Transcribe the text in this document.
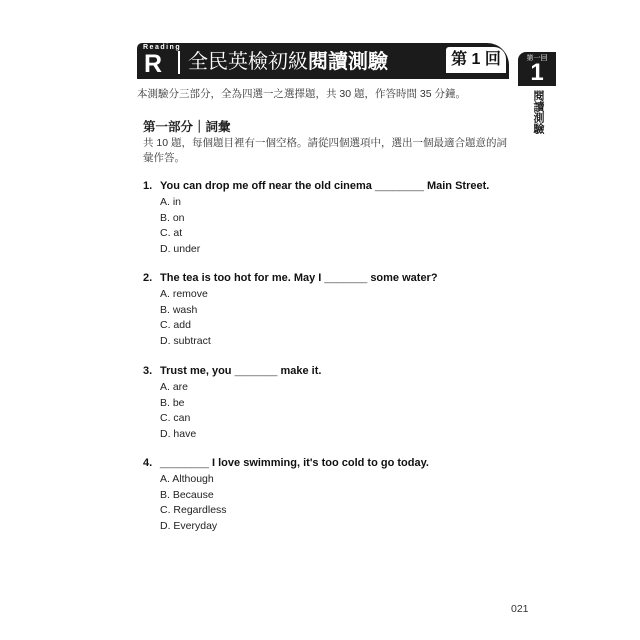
Reading
R 全民英檢初級閱讀測驗	第 1 回	第一回
1
閱讀測驗
本測驗分三部分，全為四選一之選擇題，共 30 題，作答時間 35 分鐘。
第一部分｜詞彙
共 10 題，每個題目裡有一個空格。請從四個選項中，選出一個最適合題意的詞彙作答。
1. You can drop me off near the old cinema ________ Main Street.
A. in
B. on
C. at
D. under
2. The tea is too hot for me. May I _______ some water?
A. remove
B. wash
C. add
D. subtract
3. Trust me, you _______ make it.
A. are
B. be
C. can
D. have
4. ________ I love swimming, it's too cold to go today.
A. Although
B. Because
C. Regardless
D. Everyday
021
